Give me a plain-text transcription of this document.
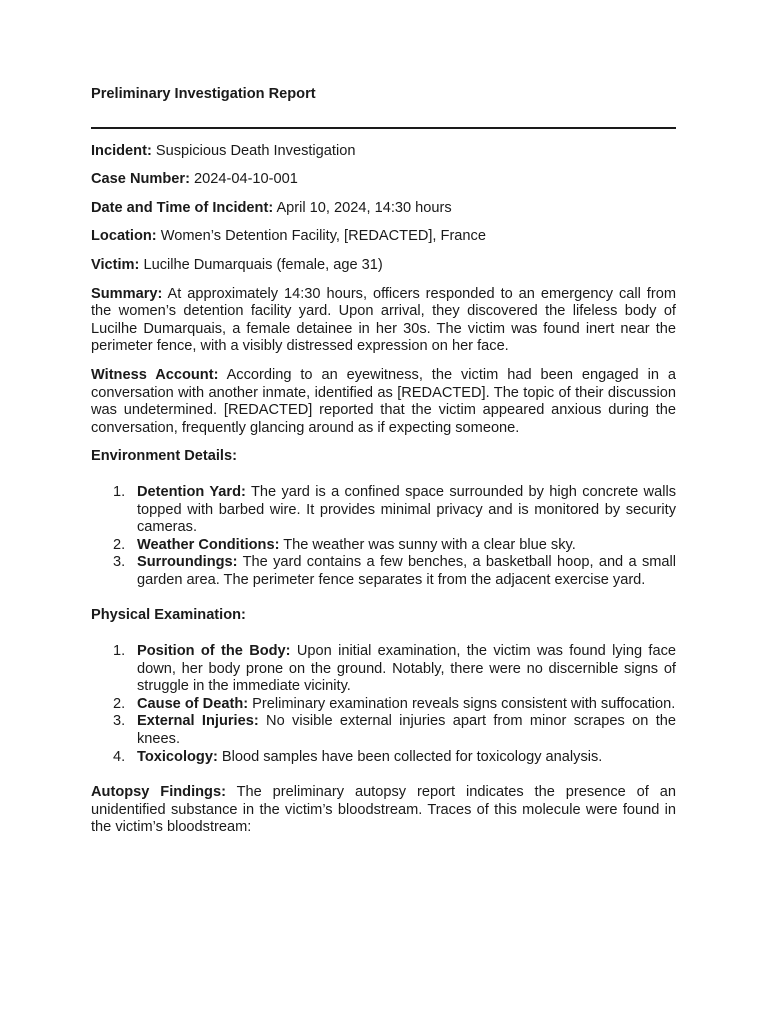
Preliminary Investigation Report

Incident: Suspicious Death Investigation

Case Number: 2024-04-10-001

Date and Time of Incident: April 10, 2024, 14:30 hours

Location: Women’s Detention Facility, [REDACTED], France

Victim: Lucilhe Dumarquais (female, age 31)

Summary: At approximately 14:30 hours, officers responded to an emergency call from the women’s detention facility yard. Upon arrival, they discovered the lifeless body of Lucilhe Dumarquais, a female detainee in her 30s. The victim was found inert near the perimeter fence, with a visibly distressed expression on her face.

Witness Account: According to an eyewitness, the victim had been engaged in a conversation with another inmate, identified as [REDACTED]. The topic of their discussion was undetermined. [REDACTED] reported that the victim appeared anxious during the conversation, frequently glancing around as if expecting someone.

Environment Details:

1. Detention Yard: The yard is a confined space surrounded by high concrete walls topped with barbed wire. It provides minimal privacy and is monitored by security cameras.
2. Weather Conditions: The weather was sunny with a clear blue sky.
3. Surroundings: The yard contains a few benches, a basketball hoop, and a small garden area. The perimeter fence separates it from the adjacent exercise yard.

Physical Examination:

1. Position of the Body: Upon initial examination, the victim was found lying face down, her body prone on the ground. Notably, there were no discernible signs of struggle in the immediate vicinity.
2. Cause of Death: Preliminary examination reveals signs consistent with suffocation.
3. External Injuries: No visible external injuries apart from minor scrapes on the knees.
4. Toxicology: Blood samples have been collected for toxicology analysis.

Autopsy Findings: The preliminary autopsy report indicates the presence of an unidentified substance in the victim’s bloodstream. Traces of this molecule were found in the victim’s bloodstream:
